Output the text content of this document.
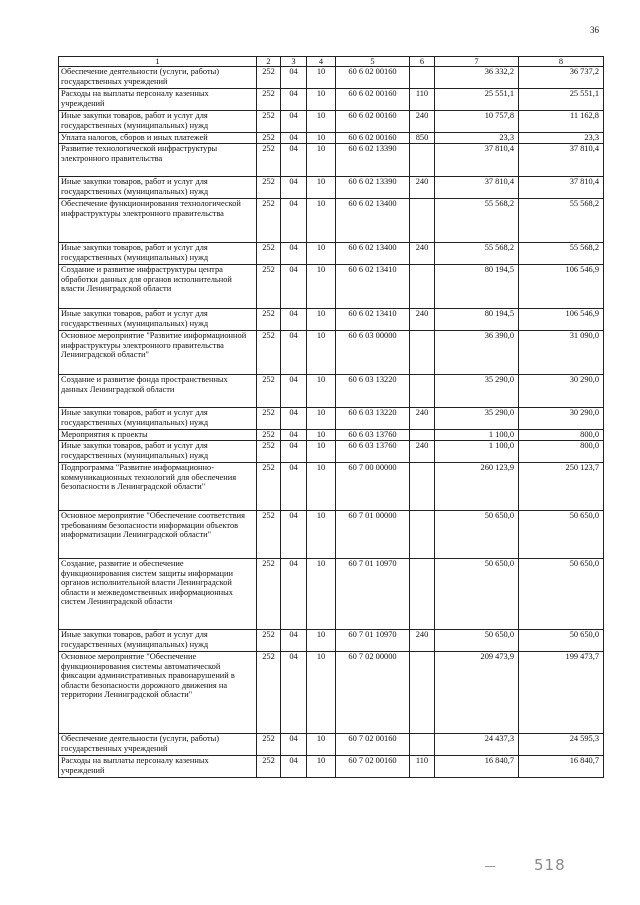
36
1	2	3	4	5	6	7	8
Обеспечение деятельности (услуги, работы) государственных учреждений	252	04	10	60 6 02 00160		36 332,2	36 737,2
Расходы на выплаты персоналу казенных учреждений	252	04	10	60 6 02 00160	110	25 551,1	25 551,1
Иные закупки товаров, работ и услуг для государственных (муниципальных) нужд	252	04	10	60 6 02 00160	240	10 757,8	11 162,8
Уплата налогов, сборов и иных платежей	252	04	10	60 6 02 00160	850	23,3	23,3
Развитие технологической инфраструктуры электронного правительства	252	04	10	60 6 02 13390		37 810,4	37 810,4
Иные закупки товаров, работ и услуг для государственных (муниципальных) нужд	252	04	10	60 6 02 13390	240	37 810,4	37 810,4
Обеспечение функционирования технологической инфраструктуры электронного правительства	252	04	10	60 6 02 13400		55 568,2	55 568,2
Иные закупки товаров, работ и услуг для государственных (муниципальных) нужд	252	04	10	60 6 02 13400	240	55 568,2	55 568,2
Создание и развитие инфраструктуры центра обработки данных для органов исполнительной власти Ленинградской области	252	04	10	60 6 02 13410		80 194,5	106 546,9
Иные закупки товаров, работ и услуг для государственных (муниципальных) нужд	252	04	10	60 6 02 13410	240	80 194,5	106 546,9
Основное мероприятие "Развитие информационной инфраструктуры электронного правительства Ленинградской области"	252	04	10	60 6 03 00000		36 390,0	31 090,0
Создание и развитие фонда пространственных данных Ленинградской области	252	04	10	60 6 03 13220		35 290,0	30 290,0
Иные закупки товаров, работ и услуг для государственных (муниципальных) нужд	252	04	10	60 6 03 13220	240	35 290,0	30 290,0
Мероприятия к проекты	252	04	10	60 6 03 13760		1 100,0	800,0
Иные закупки товаров, работ и услуг для государственных (муниципальных) нужд	252	04	10	60 6 03 13760	240	1 100,0	800,0
Подпрограмма "Развитие информационно-коммуникационных технологий для обеспечения безопасности в Ленинградской области"	252	04	10	60 7 00 00000		260 123,9	250 123,7
Основное мероприятие "Обеспечение соответствия требованиям безопасности информации объектов информатизации Ленинградской области"	252	04	10	60 7 01 00000		50 650,0	50 650,0
Создание, развитие и обеспечение функционирования систем защиты информации органов исполнительной власти Ленинградской области и межведомственных информационных систем Ленинградской области	252	04	10	60 7 01 10970		50 650,0	50 650,0
Иные закупки товаров, работ и услуг для государственных (муниципальных) нужд	252	04	10	60 7 01 10970	240	50 650,0	50 650,0
Основное мероприятие "Обеспечение функционирования системы автоматической фиксации административных правонарушений в области безопасности дорожного движения на территории Ленинградской области"	252	04	10	60 7 02 00000		209 473,9	199 473,7
Обеспечение деятельности (услуги, работы) государственных учреждений	252	04	10	60 7 02 00160		24 437,3	24 595,3
Расходы на выплаты персоналу казенных учреждений	252	04	10	60 7 02 00160	110	16 840,7	16 840,7
518
